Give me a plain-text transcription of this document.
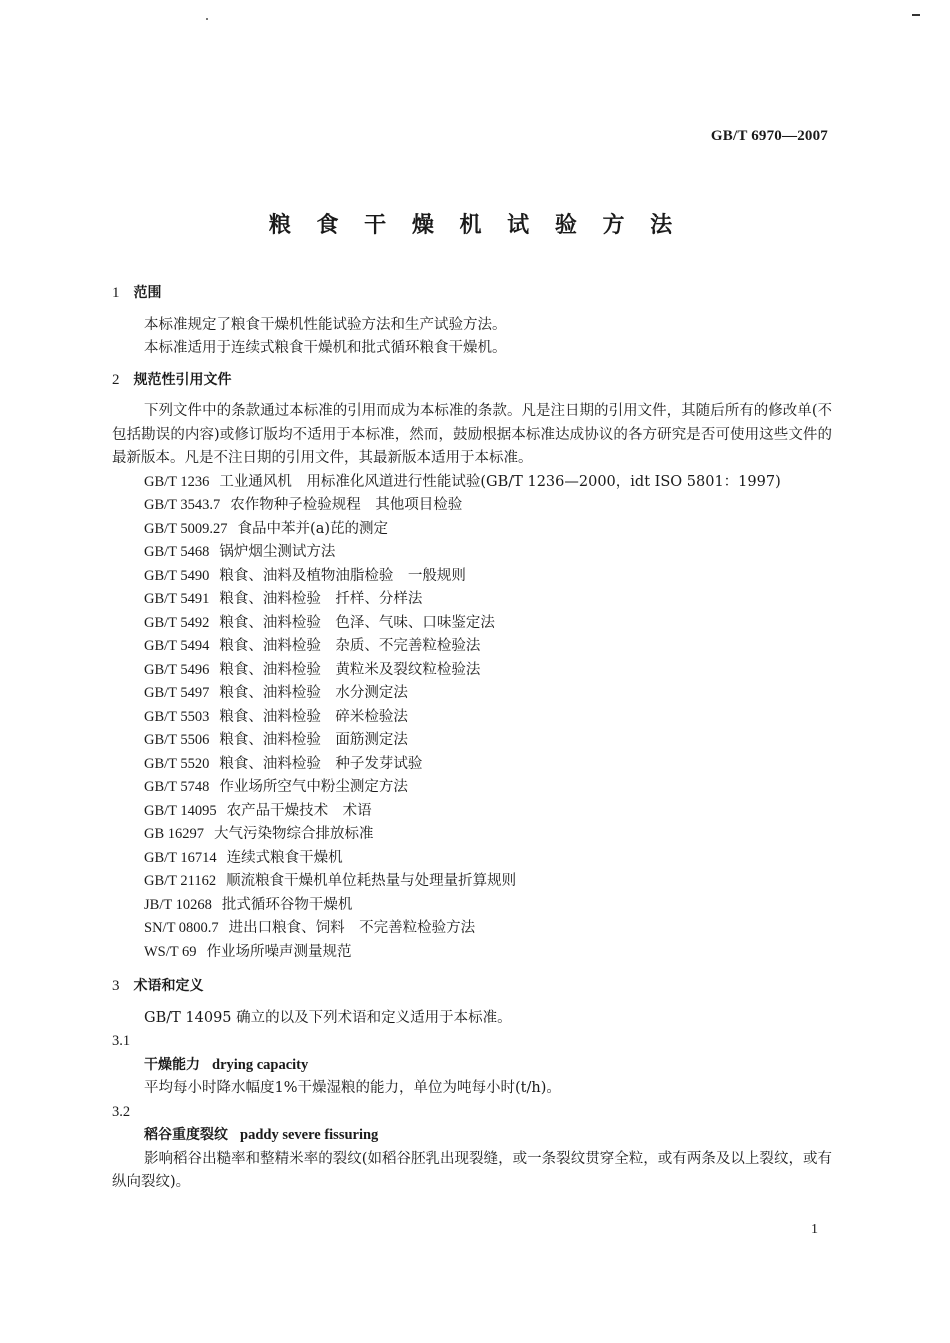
GB/T 6970—2007
粮 食 干 燥 机 试 验 方 法

1 范围

本标准规定了粮食干燥机性能试验方法和生产试验方法。

本标准适用于连续式粮食干燥机和批式循环粮食干燥机。

2 规范性引用文件

下列文件中的条款通过本标准的引用而成为本标准的条款。凡是注日期的引用文件，其随后所有的修改单(不包括勘误的内容)或修订版均不适用于本标准，然而，鼓励根据本标准达成协议的各方研究是否可使用这些文件的最新版本。凡是不注日期的引用文件，其最新版本适用于本标准。

GB/T 1236 工业通风机　用标准化风道进行性能试验(GB/T 1236—2000，idt ISO 5801：1997)

GB/T 3543.7 农作物种子检验规程　其他项目检验

GB/T 5009.27 食品中苯并(a)芘的测定

GB/T 5468 锅炉烟尘测试方法

GB/T 5490 粮食、油料及植物油脂检验　一般规则

GB/T 5491 粮食、油料检验　扦样、分样法

GB/T 5492 粮食、油料检验　色泽、气味、口味鉴定法

GB/T 5494 粮食、油料检验　杂质、不完善粒检验法

GB/T 5496 粮食、油料检验　黄粒米及裂纹粒检验法

GB/T 5497 粮食、油料检验　水分测定法

GB/T 5503 粮食、油料检验　碎米检验法

GB/T 5506 粮食、油料检验　面筋测定法

GB/T 5520 粮食、油料检验　种子发芽试验

GB/T 5748 作业场所空气中粉尘测定方法

GB/T 14095 农产品干燥技术　术语

GB 16297 大气污染物综合排放标准

GB/T 16714 连续式粮食干燥机

GB/T 21162 顺流粮食干燥机单位耗热量与处理量折算规则

JB/T 10268 批式循环谷物干燥机

SN/T 0800.7 进出口粮食、饲料　不完善粒检验方法

WS/T 69 作业场所噪声测量规范

3 术语和定义

GB/T 14095 确立的以及下列术语和定义适用于本标准。

3.1

干燥能力 drying capacity

平均每小时降水幅度1%干燥湿粮的能力，单位为吨每小时(t/h)。

3.2

稻谷重度裂纹 paddy severe fissuring

影响稻谷出糙率和整精米率的裂纹(如稻谷胚乳出现裂缝，或一条裂纹贯穿全粒，或有两条及以上裂纹，或有纵向裂纹)。

1
